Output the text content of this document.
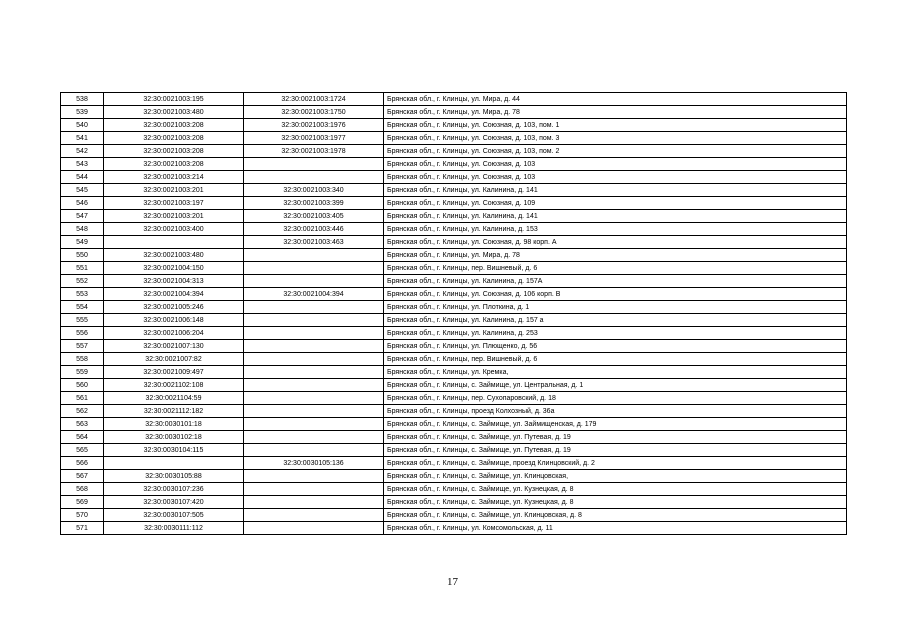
538	32:30:0021003:195	32:30:0021003:1724	Брянская обл., г. Клинцы, ул. Мира, д. 44
539	32:30:0021003:480	32:30:0021003:1750	Брянская обл., г. Клинцы, ул. Мира, д. 78
540	32:30:0021003:208	32:30:0021003:1976	Брянская обл., г. Клинцы, ул. Союзная, д. 103, пом. 1
541	32:30:0021003:208	32:30:0021003:1977	Брянская обл., г. Клинцы, ул. Союзная, д. 103, пом. 3
542	32:30:0021003:208	32:30:0021003:1978	Брянская обл., г. Клинцы, ул. Союзная, д. 103, пом. 2
543	32:30:0021003:208		Брянская обл., г. Клинцы, ул. Союзная, д. 103
544	32:30:0021003:214		Брянская обл., г. Клинцы, ул. Союзная, д. 103
545	32:30:0021003:201	32:30:0021003:340	Брянская обл., г. Клинцы, ул. Калинина, д. 141
546	32:30:0021003:197	32:30:0021003:399	Брянская обл., г. Клинцы, ул. Союзная, д. 109
547	32:30:0021003:201	32:30:0021003:405	Брянская обл., г. Клинцы, ул. Калинина, д. 141
548	32:30:0021003:400	32:30:0021003:446	Брянская обл., г. Клинцы, ул. Калинина, д. 153
549		32:30:0021003:463	Брянская обл., г. Клинцы, ул. Союзная, д. 98 корп. А
550	32:30:0021003:480		Брянская обл., г. Клинцы, ул. Мира, д. 78
551	32:30:0021004:150		Брянская обл., г. Клинцы, пер. Вишневый, д. 6
552	32:30:0021004:313		Брянская обл., г. Клинцы, ул. Калинина, д. 157А
553	32:30:0021004:394	32:30:0021004:394	Брянская обл., г. Клинцы, ул. Союзная, д. 106 корп. В
554	32:30:0021005:246		Брянская обл., г. Клинцы, ул. Плоткина, д. 1
555	32:30:0021006:148		Брянская обл., г. Клинцы, ул. Калинина, д. 157 а
556	32:30:0021006:204		Брянская обл., г. Клинцы, ул. Калинина, д. 253
557	32:30:0021007:130		Брянская обл., г. Клинцы, ул. Плющенко, д. 56
558	32:30:0021007:82		Брянская обл., г. Клинцы, пер. Вишневый, д. 6
559	32:30:0021009:497		Брянская обл., г. Клинцы, ул. Кремка,
560	32:30:0021102:108		Брянская обл., г. Клинцы, с. Займище, ул. Центральная, д. 1
561	32:30:0021104:59		Брянская обл., г. Клинцы, пер. Сухопаровский, д. 18
562	32:30:0021112:182		Брянская обл., г. Клинцы, проезд Колхозный, д. 36а
563	32:30:0030101:18		Брянская обл., г. Клинцы, с. Займище, ул. Займищенская, д. 179
564	32:30:0030102:18		Брянская обл., г. Клинцы, с. Займище, ул. Путевая, д. 19
565	32:30:0030104:115		Брянская обл., г. Клинцы, с. Займище, ул. Путевая, д. 19
566		32:30:0030105:136	Брянская обл., г. Клинцы, с. Займище, проезд Клинцовский, д. 2
567	32:30:0030105:88		Брянская обл., г. Клинцы, с. Займище, ул. Клинцовская,
568	32:30:0030107:236		Брянская обл., г. Клинцы, с. Займище, ул. Кузнецкая, д. 8
569	32:30:0030107:420		Брянская обл., г. Клинцы, с. Займище, ул. Кузнецкая, д. 8
570	32:30:0030107:505		Брянская обл., г. Клинцы, с. Займище, ул. Клинцовская, д. 8
571	32:30:0030111:112		Брянская обл., г. Клинцы, ул. Комсомольская, д. 11
17
